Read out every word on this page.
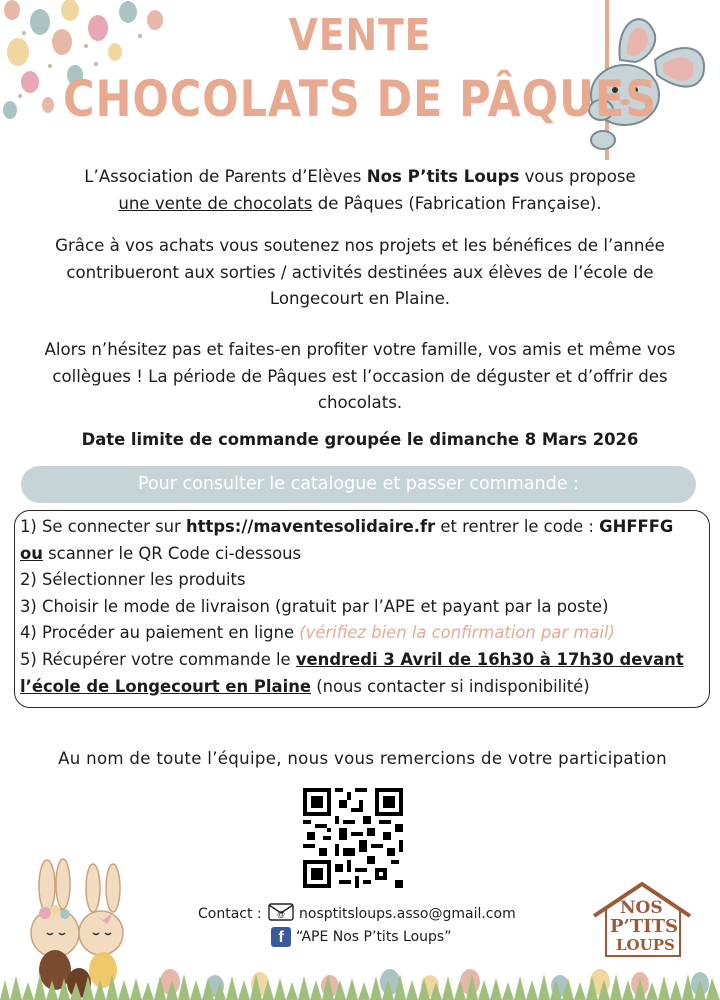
VENTE
CHOCOLATS DE PÂQUES
L’Association de Parents d’Elèves Nos P’tits Loups vous propose
une vente de chocolats de Pâques (Fabrication Française).
Grâce à vos achats vous soutenez nos projets et les bénéfices de l’année
contribueront aux sorties / activités destinées aux élèves de l’école de
Longecourt en Plaine.
Alors n’hésitez pas et faites-en profiter votre famille, vos amis et même vos
collègues ! La période de Pâques est l’occasion de déguster et d’offrir des
chocolats.
Date limite de commande groupée le dimanche 8 Mars 2026
Pour consulter le catalogue et passer commande :
1) Se connecter sur https://maventesolidaire.fr et rentrer le code : GHFFFG
ou scanner le QR Code ci-dessous
2) Sélectionner les produits
3) Choisir le mode de livraison (gratuit par l’APE et payant par la poste)
4) Procéder au paiement en ligne (vérifiez bien la confirmation par mail)
5) Récupérer votre commande le vendredi 3 Avril de 16h30 à 17h30 devant
l’école de Longecourt en Plaine (nous contacter si indisponibilité)
Au nom de toute l’équipe, nous vous remercions de votre participation
Contact : @ nosptitsloups.asso@gmail.com
f “APE Nos P’tits Loups”
NOS
P’TITS
LOUPS
